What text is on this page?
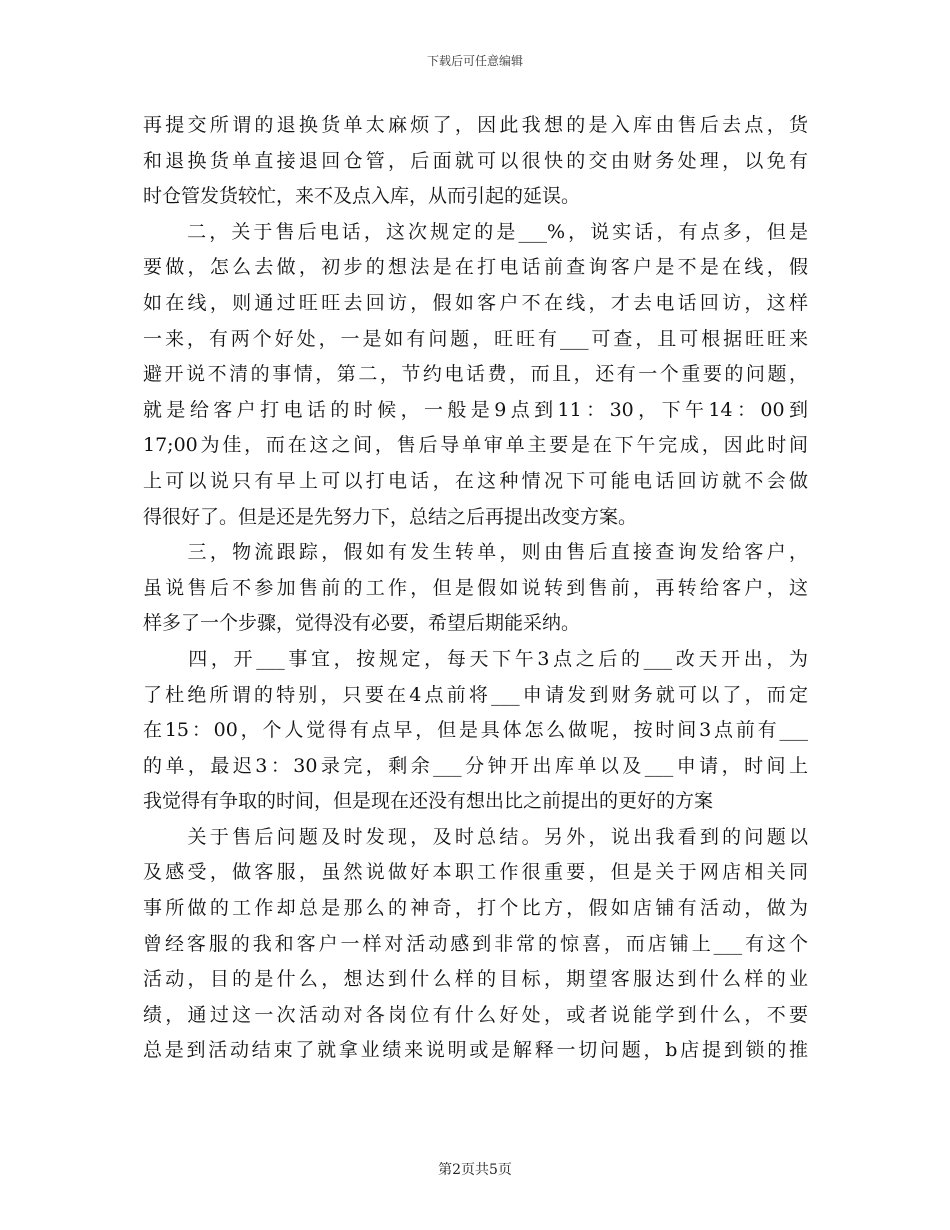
下载后可任意编辑
再提交所谓的退换货单太麻烦了，因此我想的是入库由售后去点，货
和退换货单直接退回仓管，后面就可以很快的交由财务处理，以免有
时仓管发货较忙，来不及点入库，从而引起的延误。
　　二，关于售后电话，这次规定的是___%，说实话，有点多，但是
要做，怎么去做，初步的想法是在打电话前查询客户是不是在线，假
如在线，则通过旺旺去回访，假如客户不在线，才去电话回访，这样
一来，有两个好处，一是如有问题，旺旺有___可查，且可根据旺旺来
避开说不清的事情，第二，节约电话费，而且，还有一个重要的问题，
就是给客户打电话的时候，一般是9点到11：30，下午14：00到
17;00为佳，而在这之间，售后导单审单主要是在下午完成，因此时间
上可以说只有早上可以打电话，在这种情况下可能电话回访就不会做
得很好了。但是还是先努力下，总结之后再提出改变方案。
　　三，物流跟踪，假如有发生转单，则由售后直接查询发给客户，
虽说售后不参加售前的工作，但是假如说转到售前，再转给客户，这
样多了一个步骤，觉得没有必要，希望后期能采纳。
　　四，开___事宜，按规定，每天下午3点之后的___改天开出，为
了杜绝所谓的特别，只要在4点前将___申请发到财务就可以了，而定
在15：00，个人觉得有点早，但是具体怎么做呢，按时间3点前有___
的单，最迟3：30录完，剩余___分钟开出库单以及___申请，时间上
我觉得有争取的时间，但是现在还没有想出比之前提出的更好的方案
　　关于售后问题及时发现，及时总结。另外，说出我看到的问题以
及感受，做客服，虽然说做好本职工作很重要，但是关于网店相关同
事所做的工作却总是那么的神奇，打个比方，假如店铺有活动，做为
曾经客服的我和客户一样对活动感到非常的惊喜，而店铺上___有这个
活动，目的是什么，想达到什么样的目标，期望客服达到什么样的业
绩，通过这一次活动对各岗位有什么好处，或者说能学到什么，不要
总是到活动结束了就拿业绩来说明或是解释一切问题，b店提到锁的推
第2页共5页
